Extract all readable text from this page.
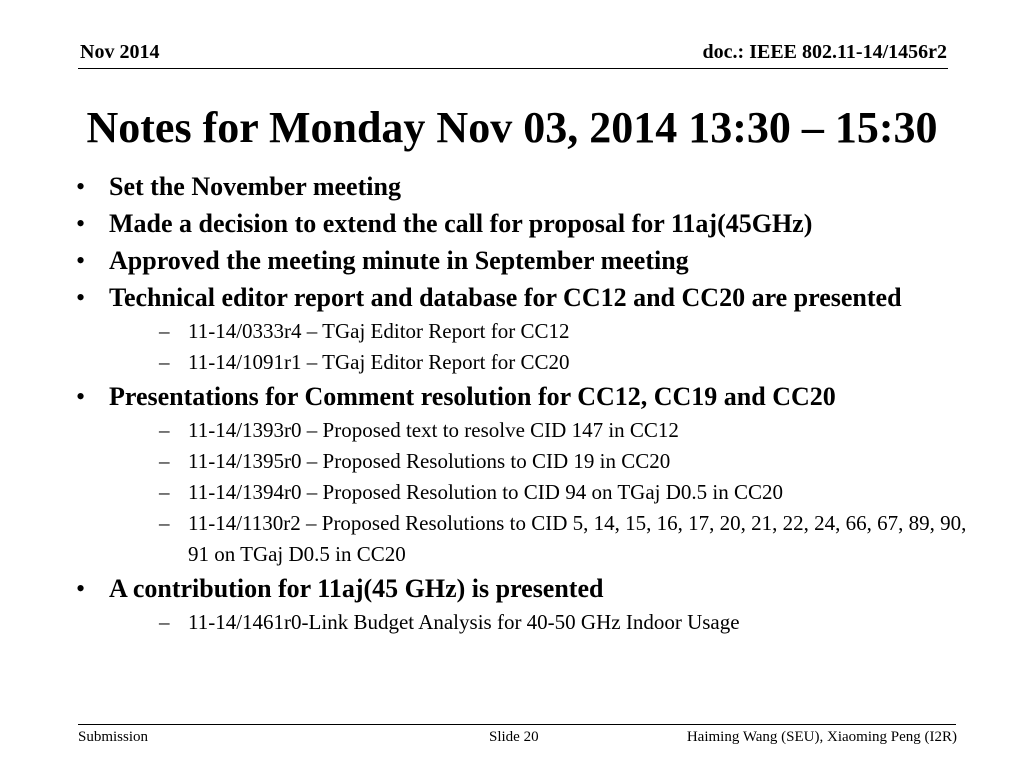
Nov 2014	doc.: IEEE 802.11-14/1456r2
Notes for Monday Nov 03, 2014 13:30 – 15:30
• Set the November meeting
• Made a decision to extend the call for proposal for 11aj(45GHz)
• Approved the meeting minute in September meeting
• Technical editor report and database for CC12 and CC20 are presented
– 11-14/0333r4 – TGaj Editor Report for CC12
– 11-14/1091r1 – TGaj Editor Report for CC20
• Presentations for Comment resolution for CC12, CC19 and CC20
– 11-14/1393r0 – Proposed text to resolve CID 147 in CC12
– 11-14/1395r0 – Proposed Resolutions to CID 19 in CC20
– 11-14/1394r0 – Proposed Resolution to CID 94 on TGaj D0.5 in CC20
– 11-14/1130r2 – Proposed Resolutions to CID 5, 14, 15, 16, 17, 20, 21, 22, 24, 66, 67, 89, 90, 91 on TGaj D0.5 in CC20
• A contribution for 11aj(45 GHz) is presented
– 11-14/1461r0-Link Budget Analysis for 40-50 GHz Indoor Usage
Submission	Slide 20	Haiming Wang (SEU), Xiaoming Peng (I2R)
